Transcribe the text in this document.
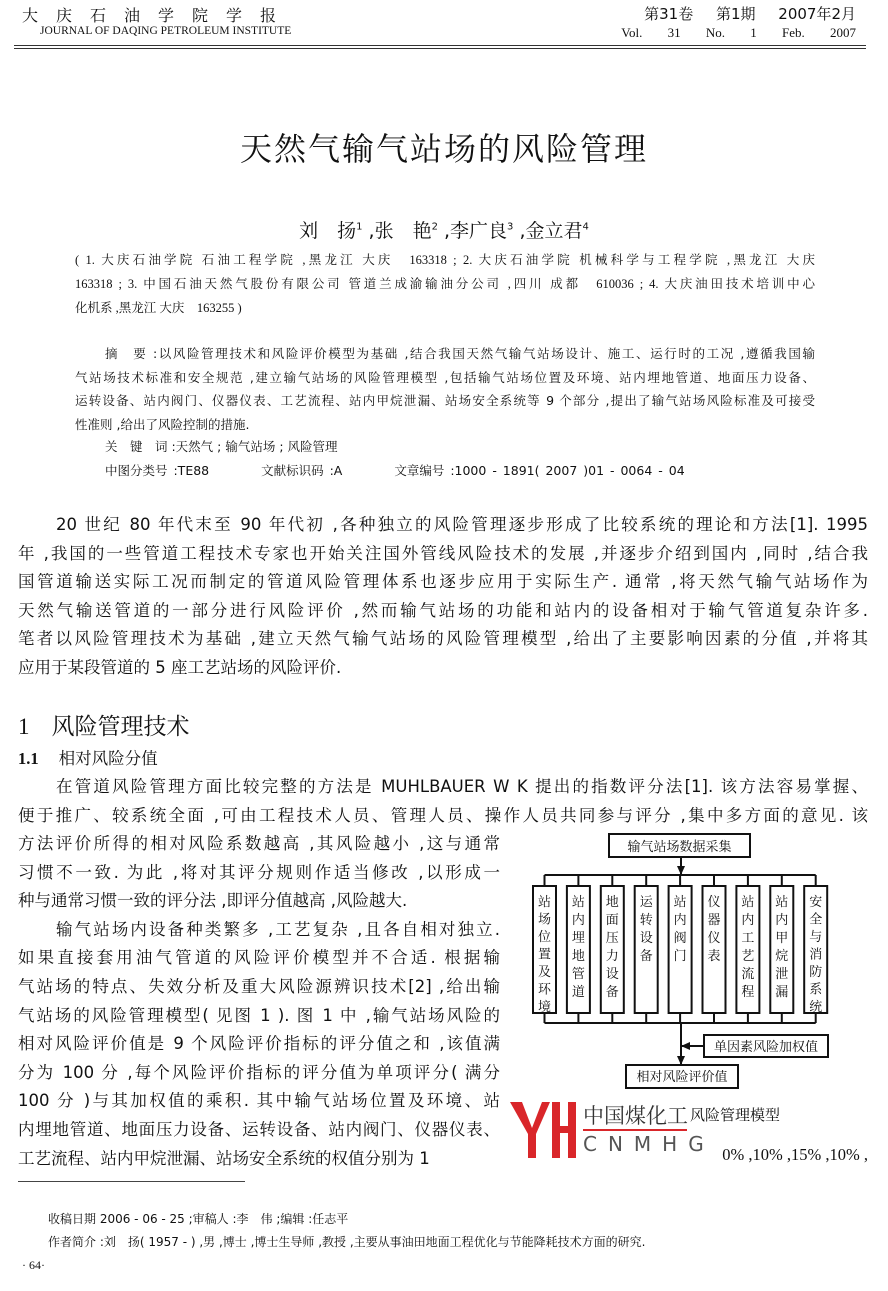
大庆石油学院学报
JOURNAL OF DAQING PETROLEUM INSTITUTE
第31卷 第1期 2007年2月
Vol. 31 No. 1 Feb. 2007
天然气输气站场的风险管理
刘　扬$^1$ ,张　艳$^2$ ,李广良$^3$ ,金立君$^4$
( 1. 大庆石油学院 石油工程学院 ,黑龙江 大庆　163318 ; 2. 大庆石油学院 机械科学与工程学院 ,黑龙江 大庆
163318 ; 3. 中国石油天然气股份有限公司 管道兰成渝输油分公司 ,四川 成都　610036 ; 4. 大庆油田技术培训中心
化机系 ,黑龙江 大庆　163255 )
摘　要 :以风险管理技术和风险评价模型为基础 ,结合我国天然气输气站场设计、施工、运行时的工况 ,遵循我国输
气站场技术标准和安全规范 ,建立输气站场的风险管理模型 ,包括输气站场位置及环境、站内埋地管道、地面压力设备、
运转设备、站内阀门、仪器仪表、工艺流程、站内甲烷泄漏、站场安全系统等 9 个部分 ,提出了输气站场风险标准及可接受
性准则 ,给出了风险控制的措施.
关　键　词 :天然气 ; 输气站场 ; 风险管理
中图分类号 :TE88	文献标识码 :A	文章编号 :1000 - 1891( 2007 )01 - 0064 - 04
20 世纪 80 年代末至 90 年代初 ,各种独立的风险管理逐步形成了比较系统的理论和方法[1]. 1995
年 ,我国的一些管道工程技术专家也开始关注国外管线风险技术的发展 ,并逐步介绍到国内 ,同时 ,结合我
国管道输送实际工况而制定的管道风险管理体系也逐步应用于实际生产. 通常 ,将天然气输气站场作为
天然气输送管道的一部分进行风险评价 ,然而输气站场的功能和站内的设备相对于输气管道复杂许多.
笔者以风险管理技术为基础 ,建立天然气输气站场的风险管理模型 ,给出了主要影响因素的分值 ,并将其
应用于某段管道的 5 座工艺站场的风险评价.
1 风险管理技术
1.1 相对风险分值
在管道风险管理方面比较完整的方法是 MUHLBAUER W K 提出的指数评分法[1]. 该方法容易掌握、
便于推广、较系统全面 ,可由工程技术人员、管理人员、操作人员共同参与评分 ,集中多方面的意见. 该
方法评价所得的相对风险系数越高 ,其风险越小 ,这与通常
习惯不一致. 为此 ,将对其评分规则作适当修改 ,以形成一
种与通常习惯一致的评分法 ,即评分值越高 ,风险越大.
输气站场内设备种类繁多 ,工艺复杂 ,且各自相对独立.
如果直接套用油气管道的风险评价模型并不合适. 根据输
气站场的特点、失效分析及重大风险源辨识技术[2] ,给出输
气站场的风险管理模型( 见图 1 ). 图 1 中 ,输气站场风险的
相对风险评价值是 9 个风险评价指标的评分值之和 ,该值满
分为 100 分 ,每个风险评价指标的评分值为单项评分( 满分
100 分 )与其加权值的乘积. 其中输气站场位置及环境、站
内埋地管道、地面压力设备、运转设备、站内阀门、仪器仪表、
工艺流程、站内甲烷泄漏、站场安全系统的权值分别为 1	0% ,10% ,15% ,10% ,
输气站场数据采集
站
场
位
置
及
环
境
站
内
埋
地
管
道
地
面
压
力
设
备
运
转
设
备
站
内
阀
门
仪
器
仪
表
站
内
工
艺
流
程
站
内
甲
烷
泄
漏
安
全
与
消
防
系
统
单因素风险加权值
相对风险评价值
中国煤化工 风险管理模型
CNMHG
收稿日期 2006 - 06 - 25 ;审稿人 :李　伟 ;编辑 :任志平
作者简介 :刘　扬( 1957 - ) ,男 ,博士 ,博士生导师 ,教授 ,主要从事油田地面工程优化与节能降耗技术方面的研究.
· 64·
